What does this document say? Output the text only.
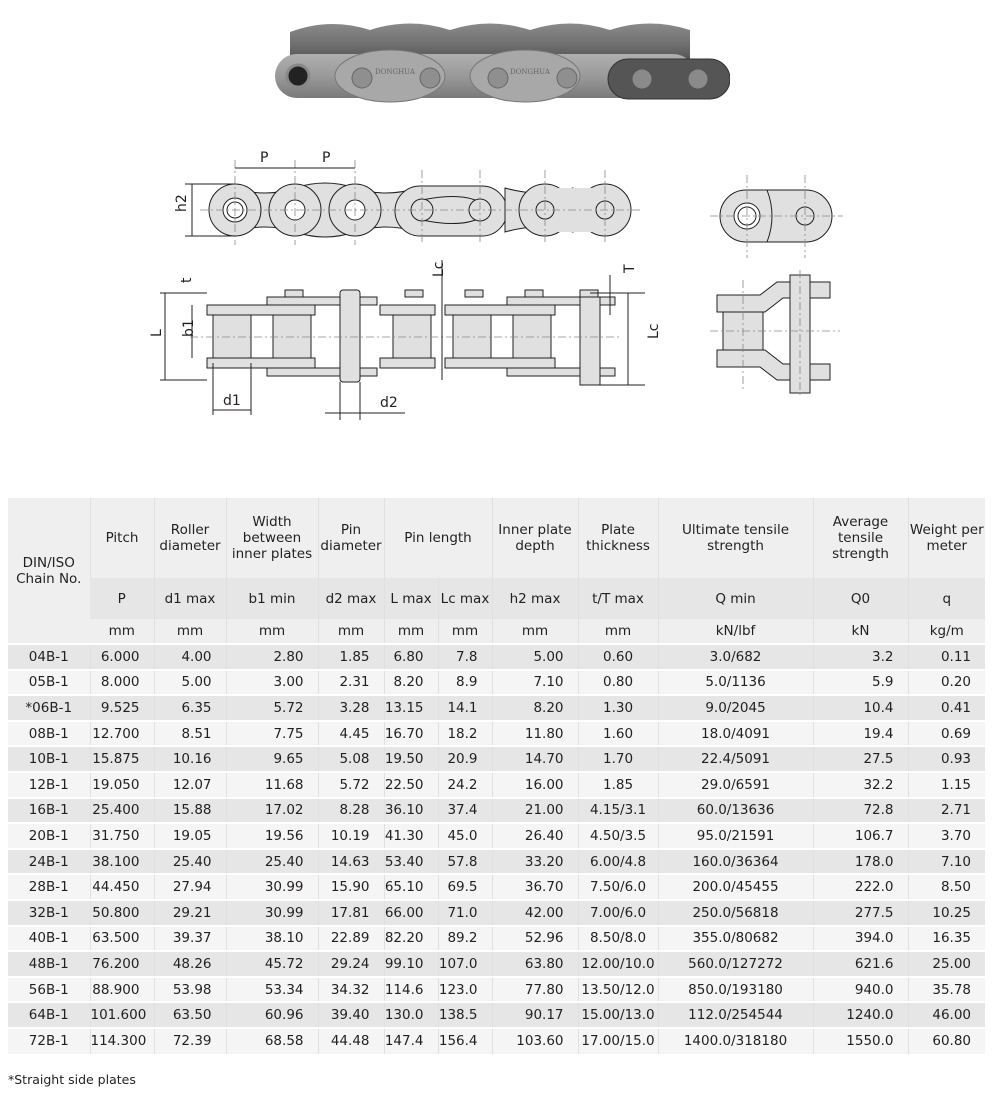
DONGHUA	DONGHUA
P	P
h2
L
t
b1
d1	d2
Lc	T
Lc
DIN/ISO Chain No.	Pitch	Roller diameter	Width between inner plates	Pin diameter	Pin length		Inner plate depth	Plate thickness	Ultimate tensile strength	Average tensile strength	Weight per meter
	P	d1 max	b1 min	d2 max	L max	Lc max	h2 max	t/T max	Q min	Q0	q
	mm	mm	mm	mm	mm	mm	mm	mm	kN/lbf	kN	kg/m
04B-1	6.000	4.00	2.80	1.85	6.80	7.8	5.00	0.60	3.0/682	3.2	0.11
05B-1	8.000	5.00	3.00	2.31	8.20	8.9	7.10	0.80	5.0/1136	5.9	0.20
*06B-1	9.525	6.35	5.72	3.28	13.15	14.1	8.20	1.30	9.0/2045	10.4	0.41
08B-1	12.700	8.51	7.75	4.45	16.70	18.2	11.80	1.60	18.0/4091	19.4	0.69
10B-1	15.875	10.16	9.65	5.08	19.50	20.9	14.70	1.70	22.4/5091	27.5	0.93
12B-1	19.050	12.07	11.68	5.72	22.50	24.2	16.00	1.85	29.0/6591	32.2	1.15
16B-1	25.400	15.88	17.02	8.28	36.10	37.4	21.00	4.15/3.1	60.0/13636	72.8	2.71
20B-1	31.750	19.05	19.56	10.19	41.30	45.0	26.40	4.50/3.5	95.0/21591	106.7	3.70
24B-1	38.100	25.40	25.40	14.63	53.40	57.8	33.20	6.00/4.8	160.0/36364	178.0	7.10
28B-1	44.450	27.94	30.99	15.90	65.10	69.5	36.70	7.50/6.0	200.0/45455	222.0	8.50
32B-1	50.800	29.21	30.99	17.81	66.00	71.0	42.00	7.00/6.0	250.0/56818	277.5	10.25
40B-1	63.500	39.37	38.10	22.89	82.20	89.2	52.96	8.50/8.0	355.0/80682	394.0	16.35
48B-1	76.200	48.26	45.72	29.24	99.10	107.0	63.80	12.00/10.0	560.0/127272	621.6	25.00
56B-1	88.900	53.98	53.34	34.32	114.6	123.0	77.80	13.50/12.0	850.0/193180	940.0	35.78
64B-1	101.600	63.50	60.96	39.40	130.0	138.5	90.17	15.00/13.0	112.0/254544	1240.0	46.00
72B-1	114.300	72.39	68.58	44.48	147.4	156.4	103.60	17.00/15.0	1400.0/318180	1550.0	60.80
*Straight side plates
